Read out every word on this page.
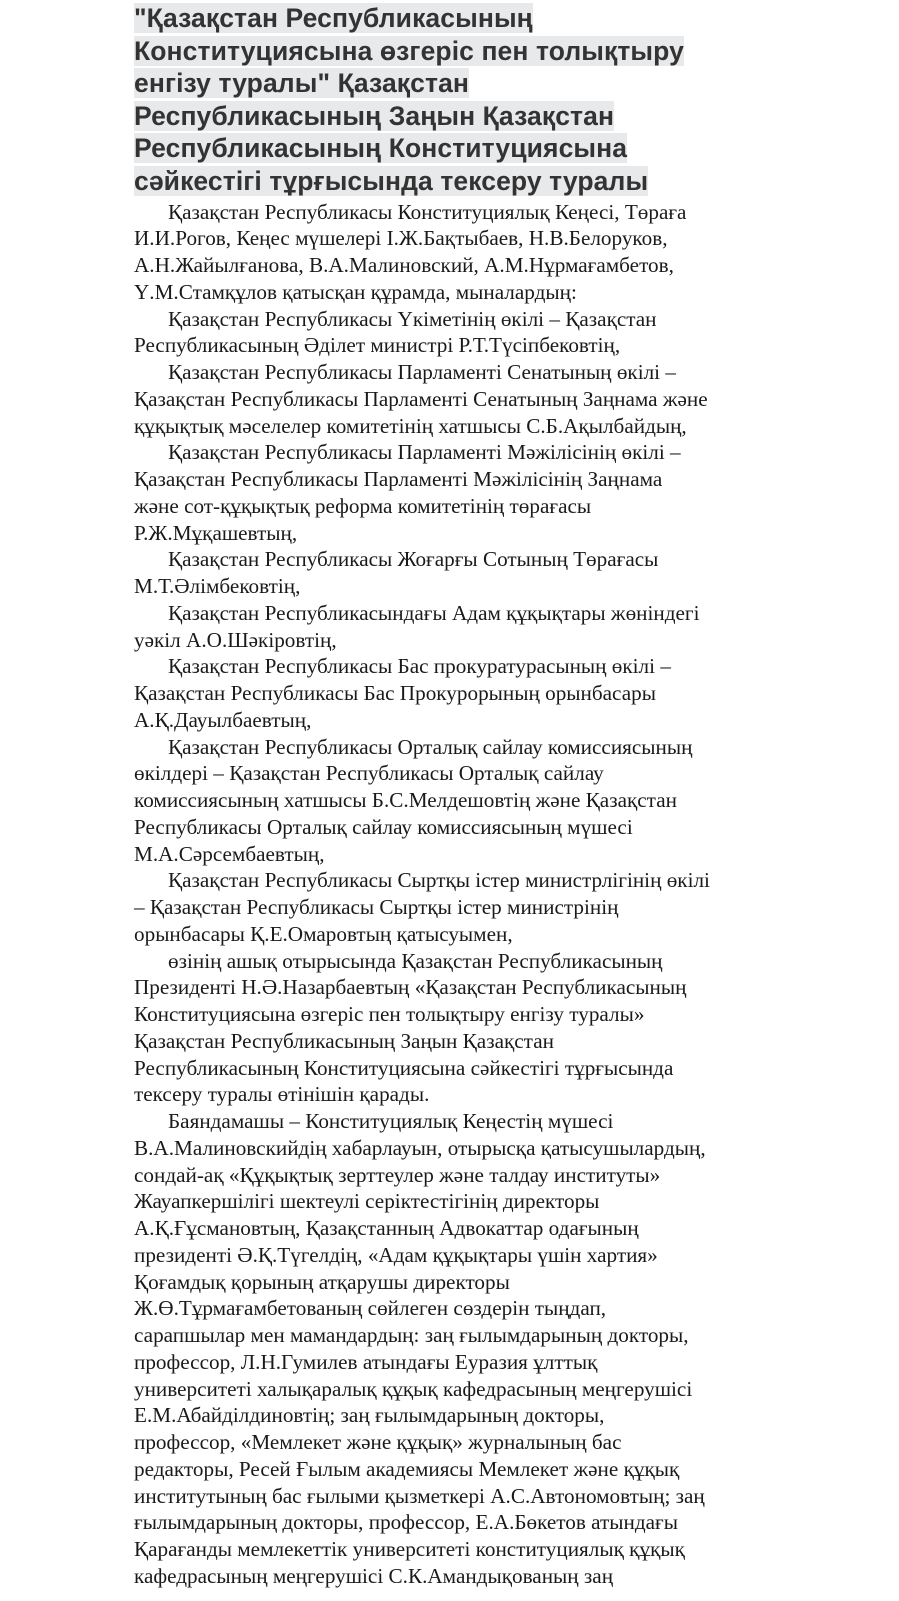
"Қазақстан Республикасының
Конституциясына өзгеріс пен толықтыру
енгізу туралы" Қазақстан
Республикасының Заңын Қазақстан
Республикасының Конституциясына
сәйкестігі тұрғысында тексеру туралы
Қазақстан Республикасы Конституциялық Кеңесі, Төраға
И.И.Рогов, Кеңес мүшелері І.Ж.Бақтыбаев, Н.В.Белоруков,
А.Н.Жайылғанова, В.А.Малиновский, А.М.Нұрмағамбетов,
Ү.М.Стамқұлов қатысқан құрамда, мыналардың:
Қазақстан Республикасы Үкіметінің өкілі – Қазақстан
Республикасының Әділет министрі Р.Т.Түсіпбековтің,
Қазақстан Республикасы Парламенті Сенатының өкілі –
Қазақстан Республикасы Парламенті Сенатының Заңнама және
құқықтық мәселелер комитетінің хатшысы С.Б.Ақылбайдың,
Қазақстан Республикасы Парламенті Мәжілісінің өкілі –
Қазақстан Республикасы Парламенті Мәжілісінің Заңнама
және сот-құқықтық реформа комитетінің төрағасы
Р.Ж.Мұқашевтың,
Қазақстан Республикасы Жоғарғы Сотының Төрағасы
М.Т.Әлімбековтің,
Қазақстан Республикасындағы Адам құқықтары жөніндегі
уәкіл А.О.Шәкіровтің,
Қазақстан Республикасы Бас прокуратурасының өкілі –
Қазақстан Республикасы Бас Прокурорының орынбасары
А.Қ.Дауылбаевтың,
Қазақстан Республикасы Орталық сайлау комиссиясының
өкілдері – Қазақстан Республикасы Орталық сайлау
комиссиясының хатшысы Б.С.Мелдешовтің және Қазақстан
Республикасы Орталық сайлау комиссиясының мүшесі
М.А.Сәрсембаевтың,
Қазақстан Республикасы Сыртқы істер министрлігінің өкілі
– Қазақстан Республикасы Сыртқы істер министрінің
орынбасары Қ.Е.Омаровтың қатысуымен,
өзінің ашық отырысында Қазақстан Республикасының
Президенті Н.Ә.Назарбаевтың «Қазақстан Республикасының
Конституциясына өзгеріс пен толықтыру енгізу туралы»
Қазақстан Республикасының Заңын Қазақстан
Республикасының Конституциясына сәйкестігі тұрғысында
тексеру туралы өтінішін қарады.
Баяндамашы – Конституциялық Кеңестің мүшесі
В.А.Малиновскийдің хабарлауын, отырысқа қатысушылардың,
сондай-ақ «Құқықтық зерттеулер және талдау институты»
Жауапкершілігі шектеулі серіктестігінің директоры
А.Қ.Ғұсмановтың, Қазақстанның Адвокаттар одағының
президенті Ә.Қ.Түгелдің, «Адам құқықтары үшін хартия»
Қоғамдық қорының атқарушы директоры
Ж.Ө.Тұрмағамбетованың сөйлеген сөздерін тыңдап,
сарапшылар мен мамандардың: заң ғылымдарының докторы,
профессор, Л.Н.Гумилев атындағы Еуразия ұлттық
университеті халықаралық құқық кафедрасының меңгерушісі
Е.М.Абайділдиновтің; заң ғылымдарының докторы,
профессор, «Мемлекет және құқық» журналының бас
редакторы, Ресей Ғылым академиясы Мемлекет және құқық
институтының бас ғылыми қызметкері А.С.Автономовтың; заң
ғылымдарының докторы, профессор, Е.А.Бөкетов атындағы
Қарағанды мемлекеттік университеті конституциялық құқық
кафедрасының меңгерушісі С.К.Амандықованың заң
